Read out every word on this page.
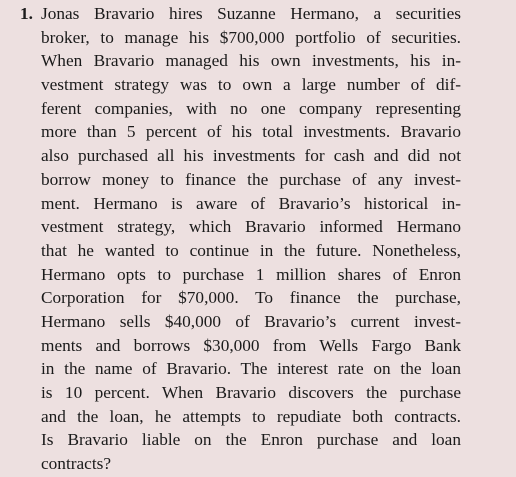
1. Jonas Bravario hires Suzanne Hermano, a securities
broker, to manage his $700,000 portfolio of securities.
When Bravario managed his own investments, his in-
vestment strategy was to own a large number of dif-
ferent companies, with no one company representing
more than 5 percent of his total investments. Bravario
also purchased all his investments for cash and did not
borrow money to finance the purchase of any invest-
ment. Hermano is aware of Bravario’s historical in-
vestment strategy, which Bravario informed Hermano
that he wanted to continue in the future. Nonetheless,
Hermano opts to purchase 1 million shares of Enron
Corporation for $70,000. To finance the purchase,
Hermano sells $40,000 of Bravario’s current invest-
ments and borrows $30,000 from Wells Fargo Bank
in the name of Bravario. The interest rate on the loan
is 10 percent. When Bravario discovers the purchase
and the loan, he attempts to repudiate both contracts.
Is Bravario liable on the Enron purchase and loan
contracts?
